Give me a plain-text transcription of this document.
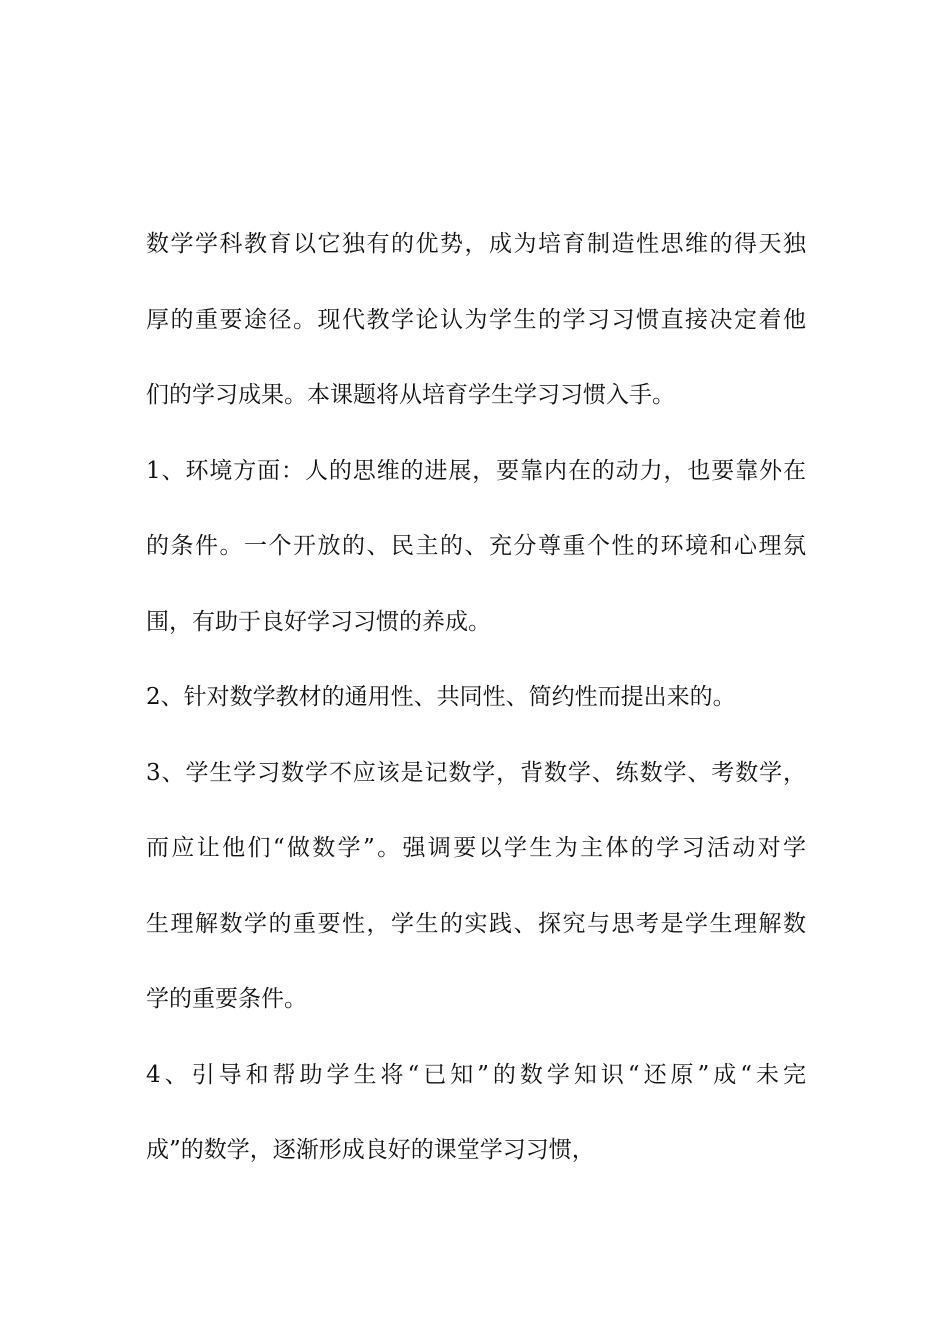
数学学科教育以它独有的优势，成为培育制造性思维的得天独
厚的重要途径。现代教学论认为学生的学习习惯直接决定着他
们的学习成果。本课题将从培育学生学习习惯入手。
1、环境方面：人的思维的进展，要靠内在的动力，也要靠外在
的条件。一个开放的、民主的、充分尊重个性的环境和心理氛
围，有助于良好学习习惯的养成。
2、针对数学教材的通用性、共同性、简约性而提出来的。
3、学生学习数学不应该是记数学，背数学、练数学、考数学，
而应让他们“做数学”。强调要以学生为主体的学习活动对学
生理解数学的重要性，学生的实践、探究与思考是学生理解数
学的重要条件。
4、引导和帮助学生将“已知”的数学知识“还原”成“未完
成”的数学，逐渐形成良好的课堂学习习惯，
